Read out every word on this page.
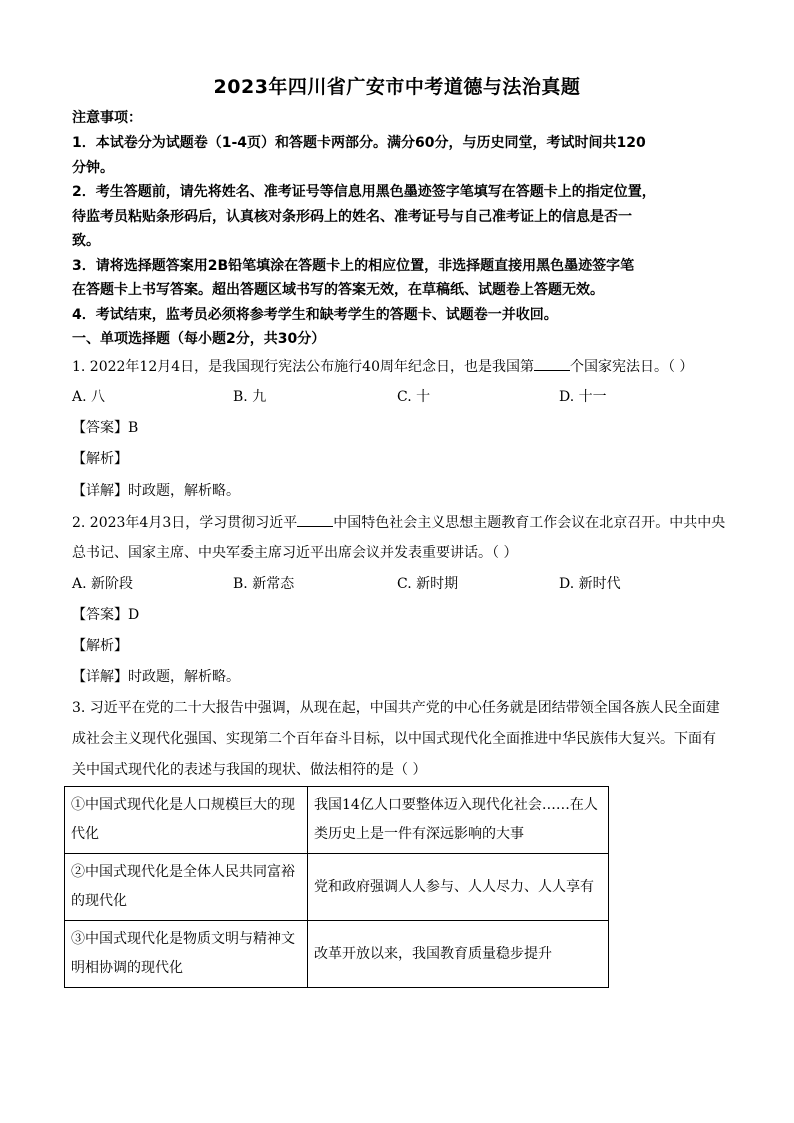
2023年四川省广安市中考道德与法治真题
注意事项：
1．本试卷分为试题卷（1-4页）和答题卡两部分。满分60分，与历史同堂，考试时间共120
分钟。
2．考生答题前，请先将姓名、准考证号等信息用黑色墨迹签字笔填写在答题卡上的指定位置，
待监考员粘贴条形码后，认真核对条形码上的姓名、准考证号与自己准考证上的信息是否一
致。
3．请将选择题答案用2B铅笔填涂在答题卡上的相应位置，非选择题直接用黑色墨迹签字笔
在答题卡上书写答案。超出答题区域书写的答案无效，在草稿纸、试题卷上答题无效。
4．考试结束，监考员必须将参考学生和缺考学生的答题卡、试题卷一并收回。
一、单项选择题（每小题2分，共30分）
1. 2022年12月4日，是我国现行宪法公布施行40周年纪念日，也是我国第	个国家宪法日。（ ）
A. 八	B. 九	C. 十	D. 十一
【答案】B
【解析】
【详解】时政题，解析略。
2. 2023年4月3日，学习贯彻习近平	中国特色社会主义思想主题教育工作会议在北京召开。中共中央
总书记、国家主席、中央军委主席习近平出席会议并发表重要讲话。（ ）
A. 新阶段	B. 新常态	C. 新时期	D. 新时代
【答案】D
【解析】
【详解】时政题，解析略。
3. 习近平在党的二十大报告中强调，从现在起，中国共产党的中心任务就是团结带领全国各族人民全面建
成社会主义现代化强国、实现第二个百年奋斗目标，以中国式现代化全面推进中华民族伟大复兴。下面有
关中国式现代化的表述与我国的现状、做法相符的是（ ）
①中国式现代化是人口规模巨大的现代化	我国14亿人口要整体迈入现代化社会……在人类历史上是一件有深远影响的大事
②中国式现代化是全体人民共同富裕的现代化	党和政府强调人人参与、人人尽力、人人享有
③中国式现代化是物质文明与精神文明相协调的现代化	改革开放以来，我国教育质量稳步提升
